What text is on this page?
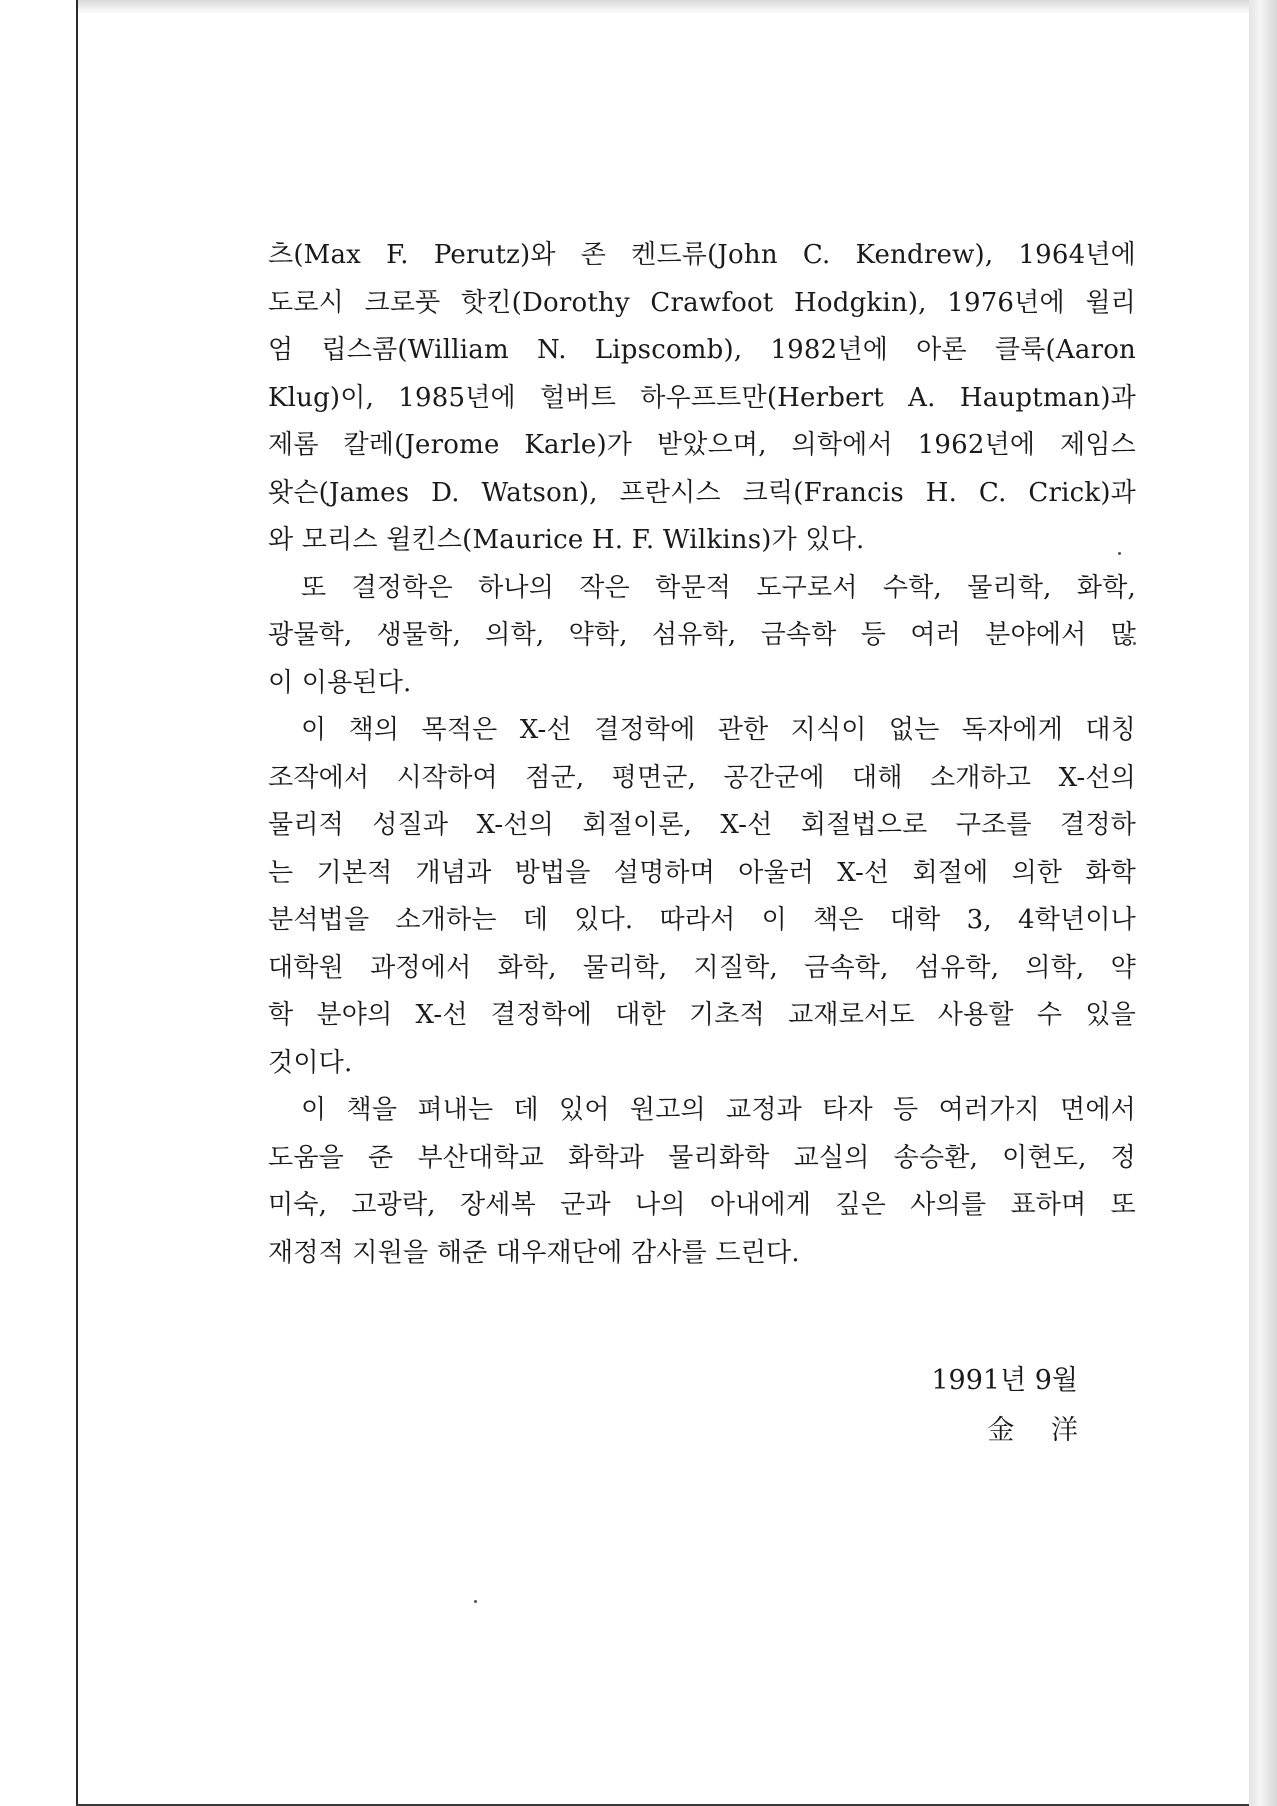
츠(Max F. Perutz)와 존 켄드류(John C. Kendrew), 1964년에
도로시 크로풋 핫킨(Dorothy Crawfoot Hodgkin), 1976년에 윌리
엄 립스콤(William N. Lipscomb), 1982년에 아론 클룩(Aaron
Klug)이, 1985년에 헐버트 하우프트만(Herbert A. Hauptman)과
제롬 칼레(Jerome Karle)가 받았으며, 의학에서 1962년에 제임스
왓슨(James D. Watson), 프란시스 크릭(Francis H. C. Crick)과
와 모리스 윌킨스(Maurice H. F. Wilkins)가 있다.
또 결정학은 하나의 작은 학문적 도구로서 수학, 물리학, 화학,
광물학, 생물학, 의학, 약학, 섬유학, 금속학 등 여러 분야에서 많
이 이용된다.
이 책의 목적은 X-선 결정학에 관한 지식이 없는 독자에게 대칭
조작에서 시작하여 점군, 평면군, 공간군에 대해 소개하고 X-선의
물리적 성질과 X-선의 회절이론, X-선 회절법으로 구조를 결정하
는 기본적 개념과 방법을 설명하며 아울러 X-선 회절에 의한 화학
분석법을 소개하는 데 있다. 따라서 이 책은 대학 3, 4학년이나
대학원 과정에서 화학, 물리학, 지질학, 금속학, 섬유학, 의학, 약
학 분야의 X-선 결정학에 대한 기초적 교재로서도 사용할 수 있을
것이다.
이 책을 펴내는 데 있어 원고의 교정과 타자 등 여러가지 면에서
도움을 준 부산대학교 화학과 물리화학 교실의 송승환, 이현도, 정
미숙, 고광락, 장세복 군과 나의 아내에게 깊은 사의를 표하며 또
재정적 지원을 해준 대우재단에 감사를 드린다.
1991년 9월
金 洋
